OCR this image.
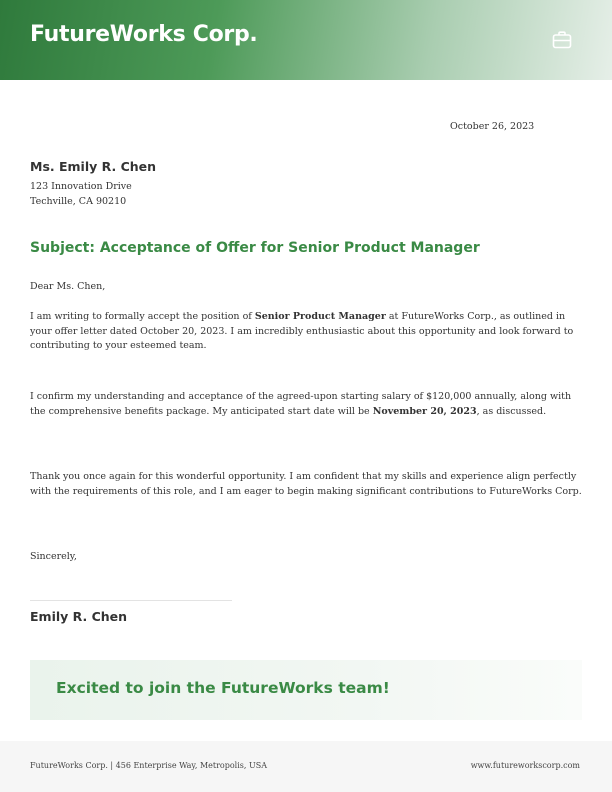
FutureWorks Corp.
October 26, 2023
Ms. Emily R. Chen
123 Innovation Drive
Techville, CA 90210
Subject: Acceptance of Offer for Senior Product Manager

Dear Ms. Chen,

I am writing to formally accept the position of Senior Product Manager at FutureWorks Corp., as outlined in your offer letter dated October 20, 2023. I am incredibly enthusiastic about this opportunity and look forward to contributing to your esteemed team.

I confirm my understanding and acceptance of the agreed-upon starting salary of $120,000 annually, along with the comprehensive benefits package. My anticipated start date will be November 20, 2023, as discussed.

Thank you once again for this wonderful opportunity. I am confident that my skills and experience align perfectly with the requirements of this role, and I am eager to begin making significant contributions to FutureWorks Corp.

Sincerely,

Emily R. Chen
Excited to join the FutureWorks team!
FutureWorks Corp. | 456 Enterprise Way, Metropolis, USA	www.futureworkscorp.com
